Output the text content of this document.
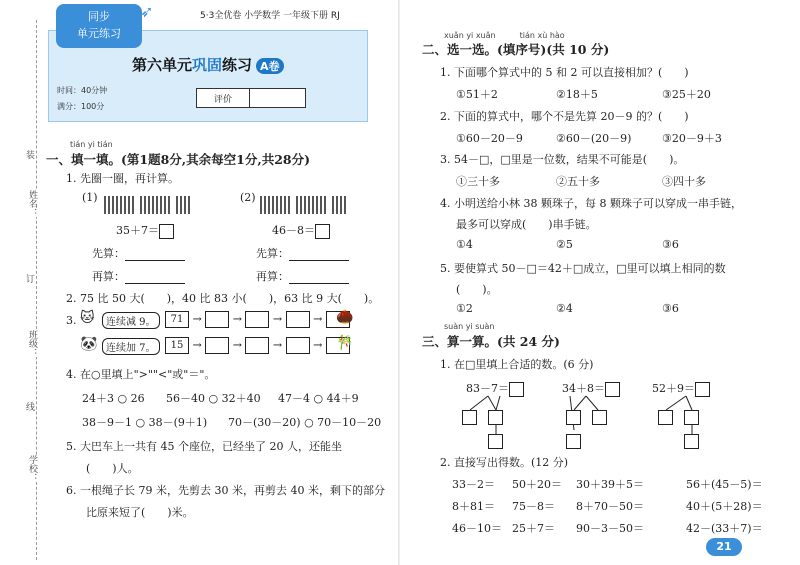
装
订
线
姓名：
班级：
学校：
时间：40分钟
满分：100分
同步
单元练习
➶	5·3全优卷 小学数学 一年级下册 RJ
第六单元巩固练习 A卷
评价
tián yi tián
一、填一填。(第1题8分,其余每空1分,共28分)
1. 先圈一圈，再计算。
(1)	(2)
35＋7＝	46－8＝
先算：
再算：
先算：
再算：
2. 75 比 50 大(　　)，40 比 83 小(　　)，63 比 9 大(　　)。
3. 🐱	连续减 9。	71 →  →  →  → 🌰
🐼 连续加 7。	15 →  →  →  → 🎋
4. 在○里填上">""<"或"＝"。
24＋3 ○ 26 56－40 ○ 32＋40 47－4 ○ 44＋9
38－9－1 ○ 38－(9＋1) 70－(30－20) ○ 70－10－20
5. 大巴车上一共有 45 个座位，已经坐了 20 人，还能坐
(　　)人。
6. 一根绳子长 79 米，先剪去 30 米，再剪去 40 米，剩下的部分
比原来短了(　　)米。
xuǎn yi xuǎn　　　tián xù hào
二、选一选。(填序号)(共 10 分)
1. 下面哪个算式中的 5 和 2 可以直接相加？(　　)
①51＋2	②18＋5	③25＋20
2. 下面的算式中，哪个不是先算 20－9 的？(　　)
①60－20－9	②60－(20－9)	③20－9＋3
3. 54－□，□里是一位数，结果不可能是(　　)。
①三十多	②五十多	③四十多
4. 小明送给小林 38 颗珠子，每 8 颗珠子可以穿成一串手链，
最多可以穿成(　　)串手链。
①4	②5	③6
5. 要使算式 50－□＝42＋□成立，□里可以填上相同的数
(　　)。
①2	②4	③6
suàn yi suàn
三、算一算。(共 24 分)
1. 在□里填上合适的数。(6 分)
83－7＝	34＋8＝	52＋9＝
2. 直接写出得数。(12 分)
33－2＝ 50＋20＝ 30＋39＋5＝	56＋(45－5)＝
8＋81＝ 75－8＝ 8＋70－50＝	40＋(5＋28)＝
46－10＝ 25＋7＝ 90－3－50＝	42－(33＋7)＝
21
